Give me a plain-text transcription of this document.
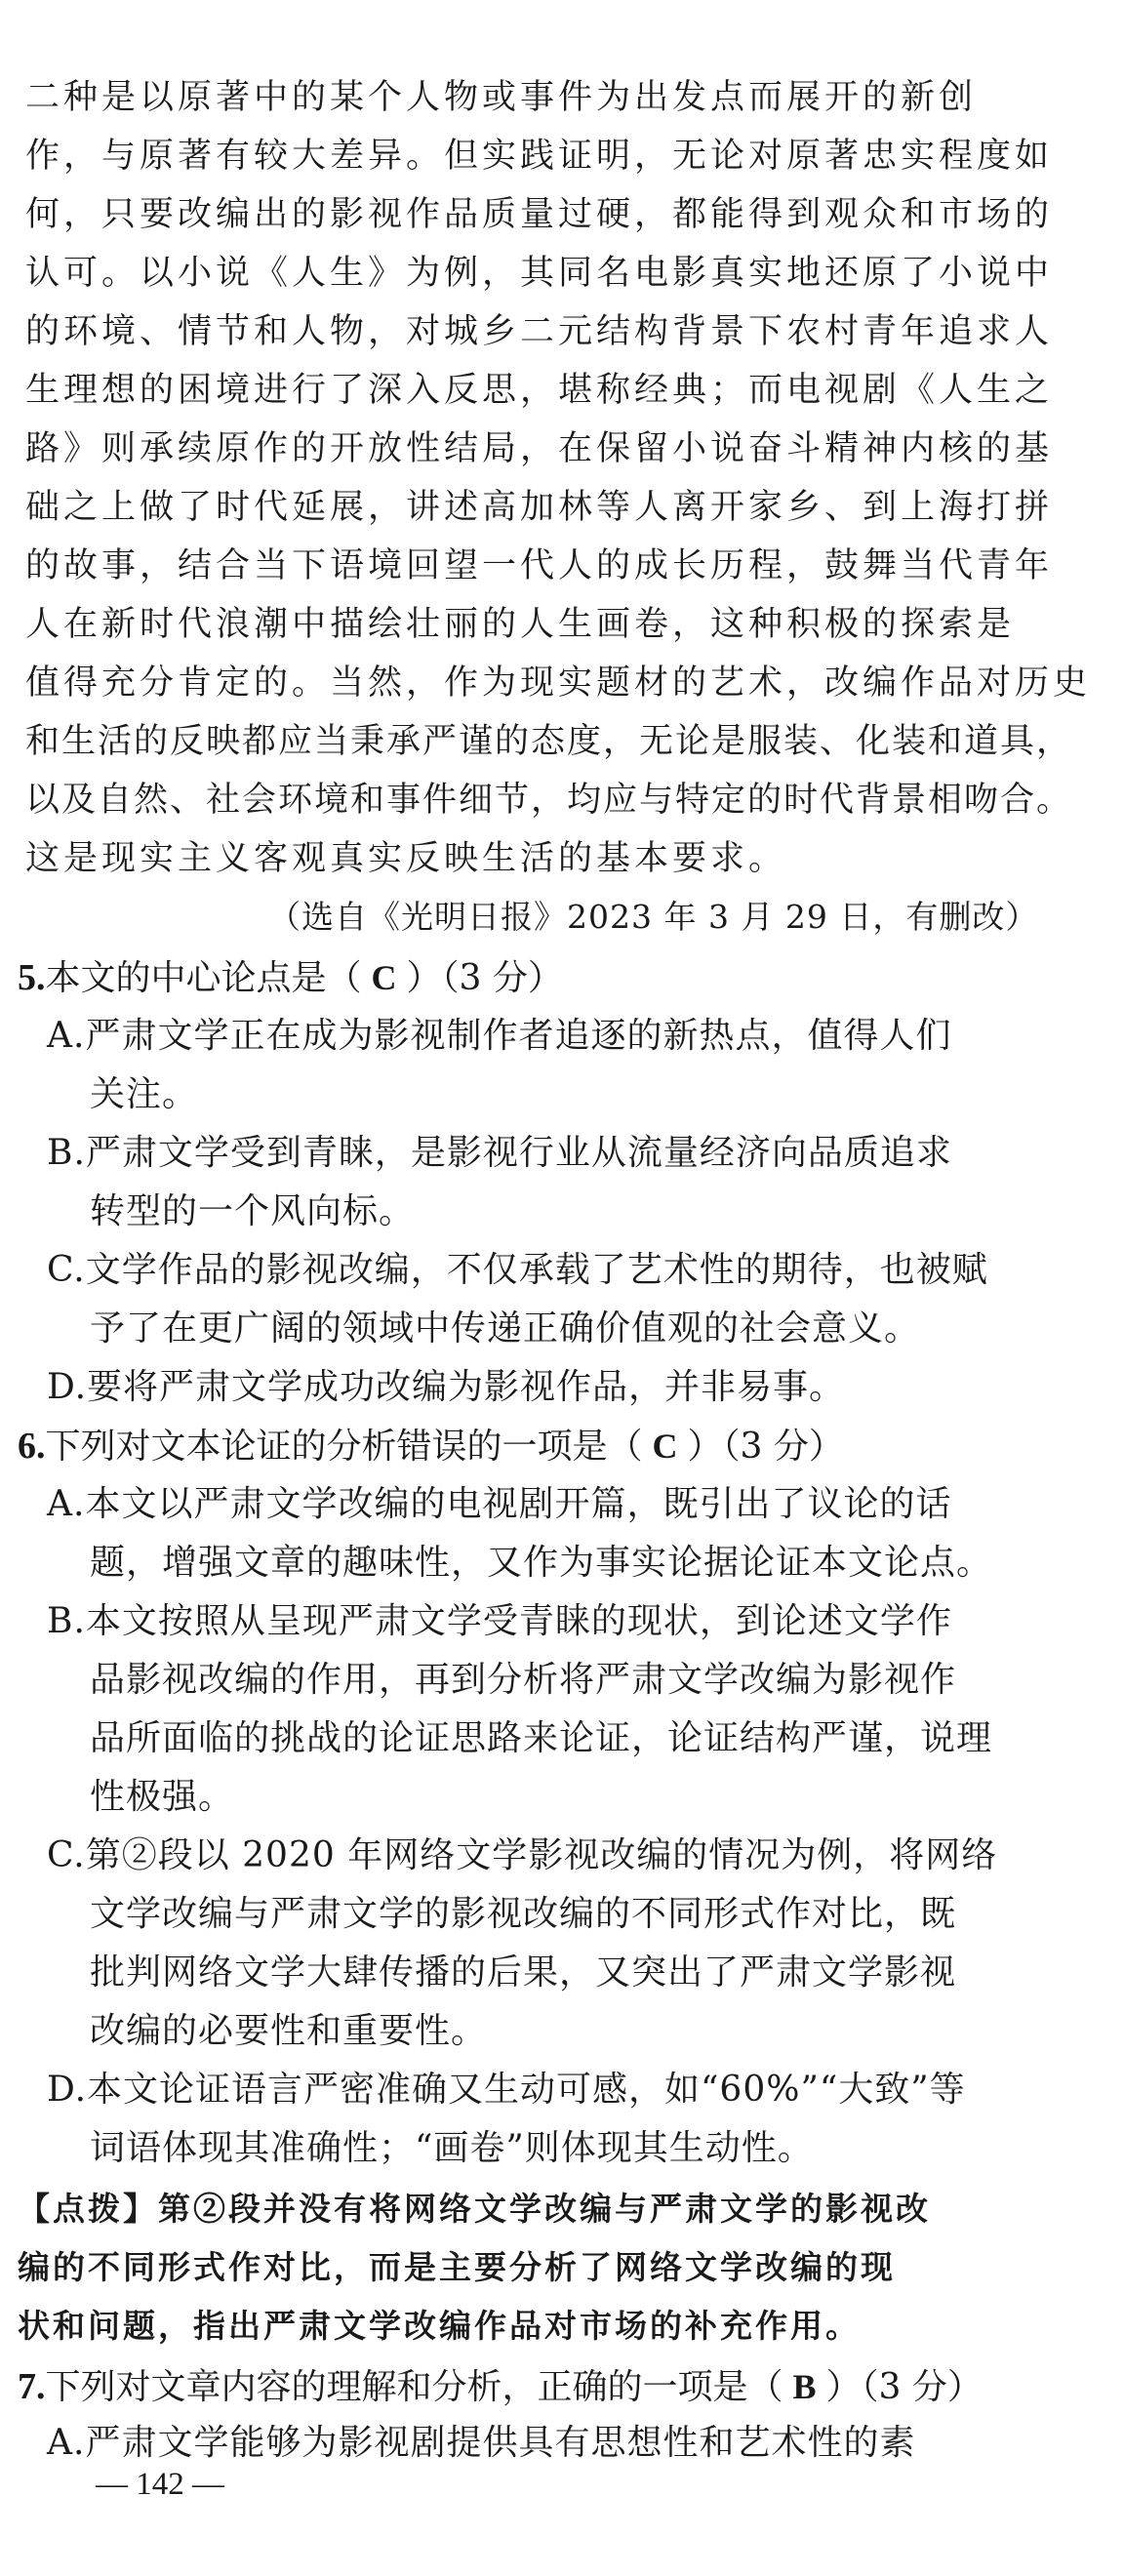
二种是以原著中的某个人物或事件为出发点而展开的新创
作，与原著有较大差异。但实践证明，无论对原著忠实程度如
何，只要改编出的影视作品质量过硬，都能得到观众和市场的
认可。以小说《人生》为例，其同名电影真实地还原了小说中
的环境、情节和人物，对城乡二元结构背景下农村青年追求人
生理想的困境进行了深入反思，堪称经典；而电视剧《人生之
路》则承续原作的开放性结局，在保留小说奋斗精神内核的基
础之上做了时代延展，讲述高加林等人离开家乡、到上海打拼
的故事，结合当下语境回望一代人的成长历程，鼓舞当代青年
人在新时代浪潮中描绘壮丽的人生画卷，这种积极的探索是
值得充分肯定的。当然，作为现实题材的艺术，改编作品对历史
和生活的反映都应当秉承严谨的态度，无论是服装、化装和道具，
以及自然、社会环境和事件细节，均应与特定的时代背景相吻合。
这是现实主义客观真实反映生活的基本要求。
（选自《光明日报》2023 年 3 月 29 日，有删改）
5.本文的中心论点是（ C ）（3 分）
A.严肃文学正在成为影视制作者追逐的新热点，值得人们
关注。
B.严肃文学受到青睐，是影视行业从流量经济向品质追求
转型的一个风向标。
C.文学作品的影视改编，不仅承载了艺术性的期待，也被赋
予了在更广阔的领域中传递正确价值观的社会意义。
D.要将严肃文学成功改编为影视作品，并非易事。
6.下列对文本论证的分析错误的一项是（ C ）（3 分）
A.本文以严肃文学改编的电视剧开篇，既引出了议论的话
题，增强文章的趣味性，又作为事实论据论证本文论点。
B.本文按照从呈现严肃文学受青睐的现状，到论述文学作
品影视改编的作用，再到分析将严肃文学改编为影视作
品所面临的挑战的论证思路来论证，论证结构严谨，说理
性极强。
C.第②段以 2020 年网络文学影视改编的情况为例，将网络
文学改编与严肃文学的影视改编的不同形式作对比，既
批判网络文学大肆传播的后果，又突出了严肃文学影视
改编的必要性和重要性。
D.本文论证语言严密准确又生动可感，如“60%”“大致”等
词语体现其准确性；“画卷”则体现其生动性。
【点拨】第②段并没有将网络文学改编与严肃文学的影视改
编的不同形式作对比，而是主要分析了网络文学改编的现
状和问题，指出严肃文学改编作品对市场的补充作用。
7.下列对文章内容的理解和分析，正确的一项是（ B ）（3 分）
A.严肃文学能够为影视剧提供具有思想性和艺术性的素
— 142 —
